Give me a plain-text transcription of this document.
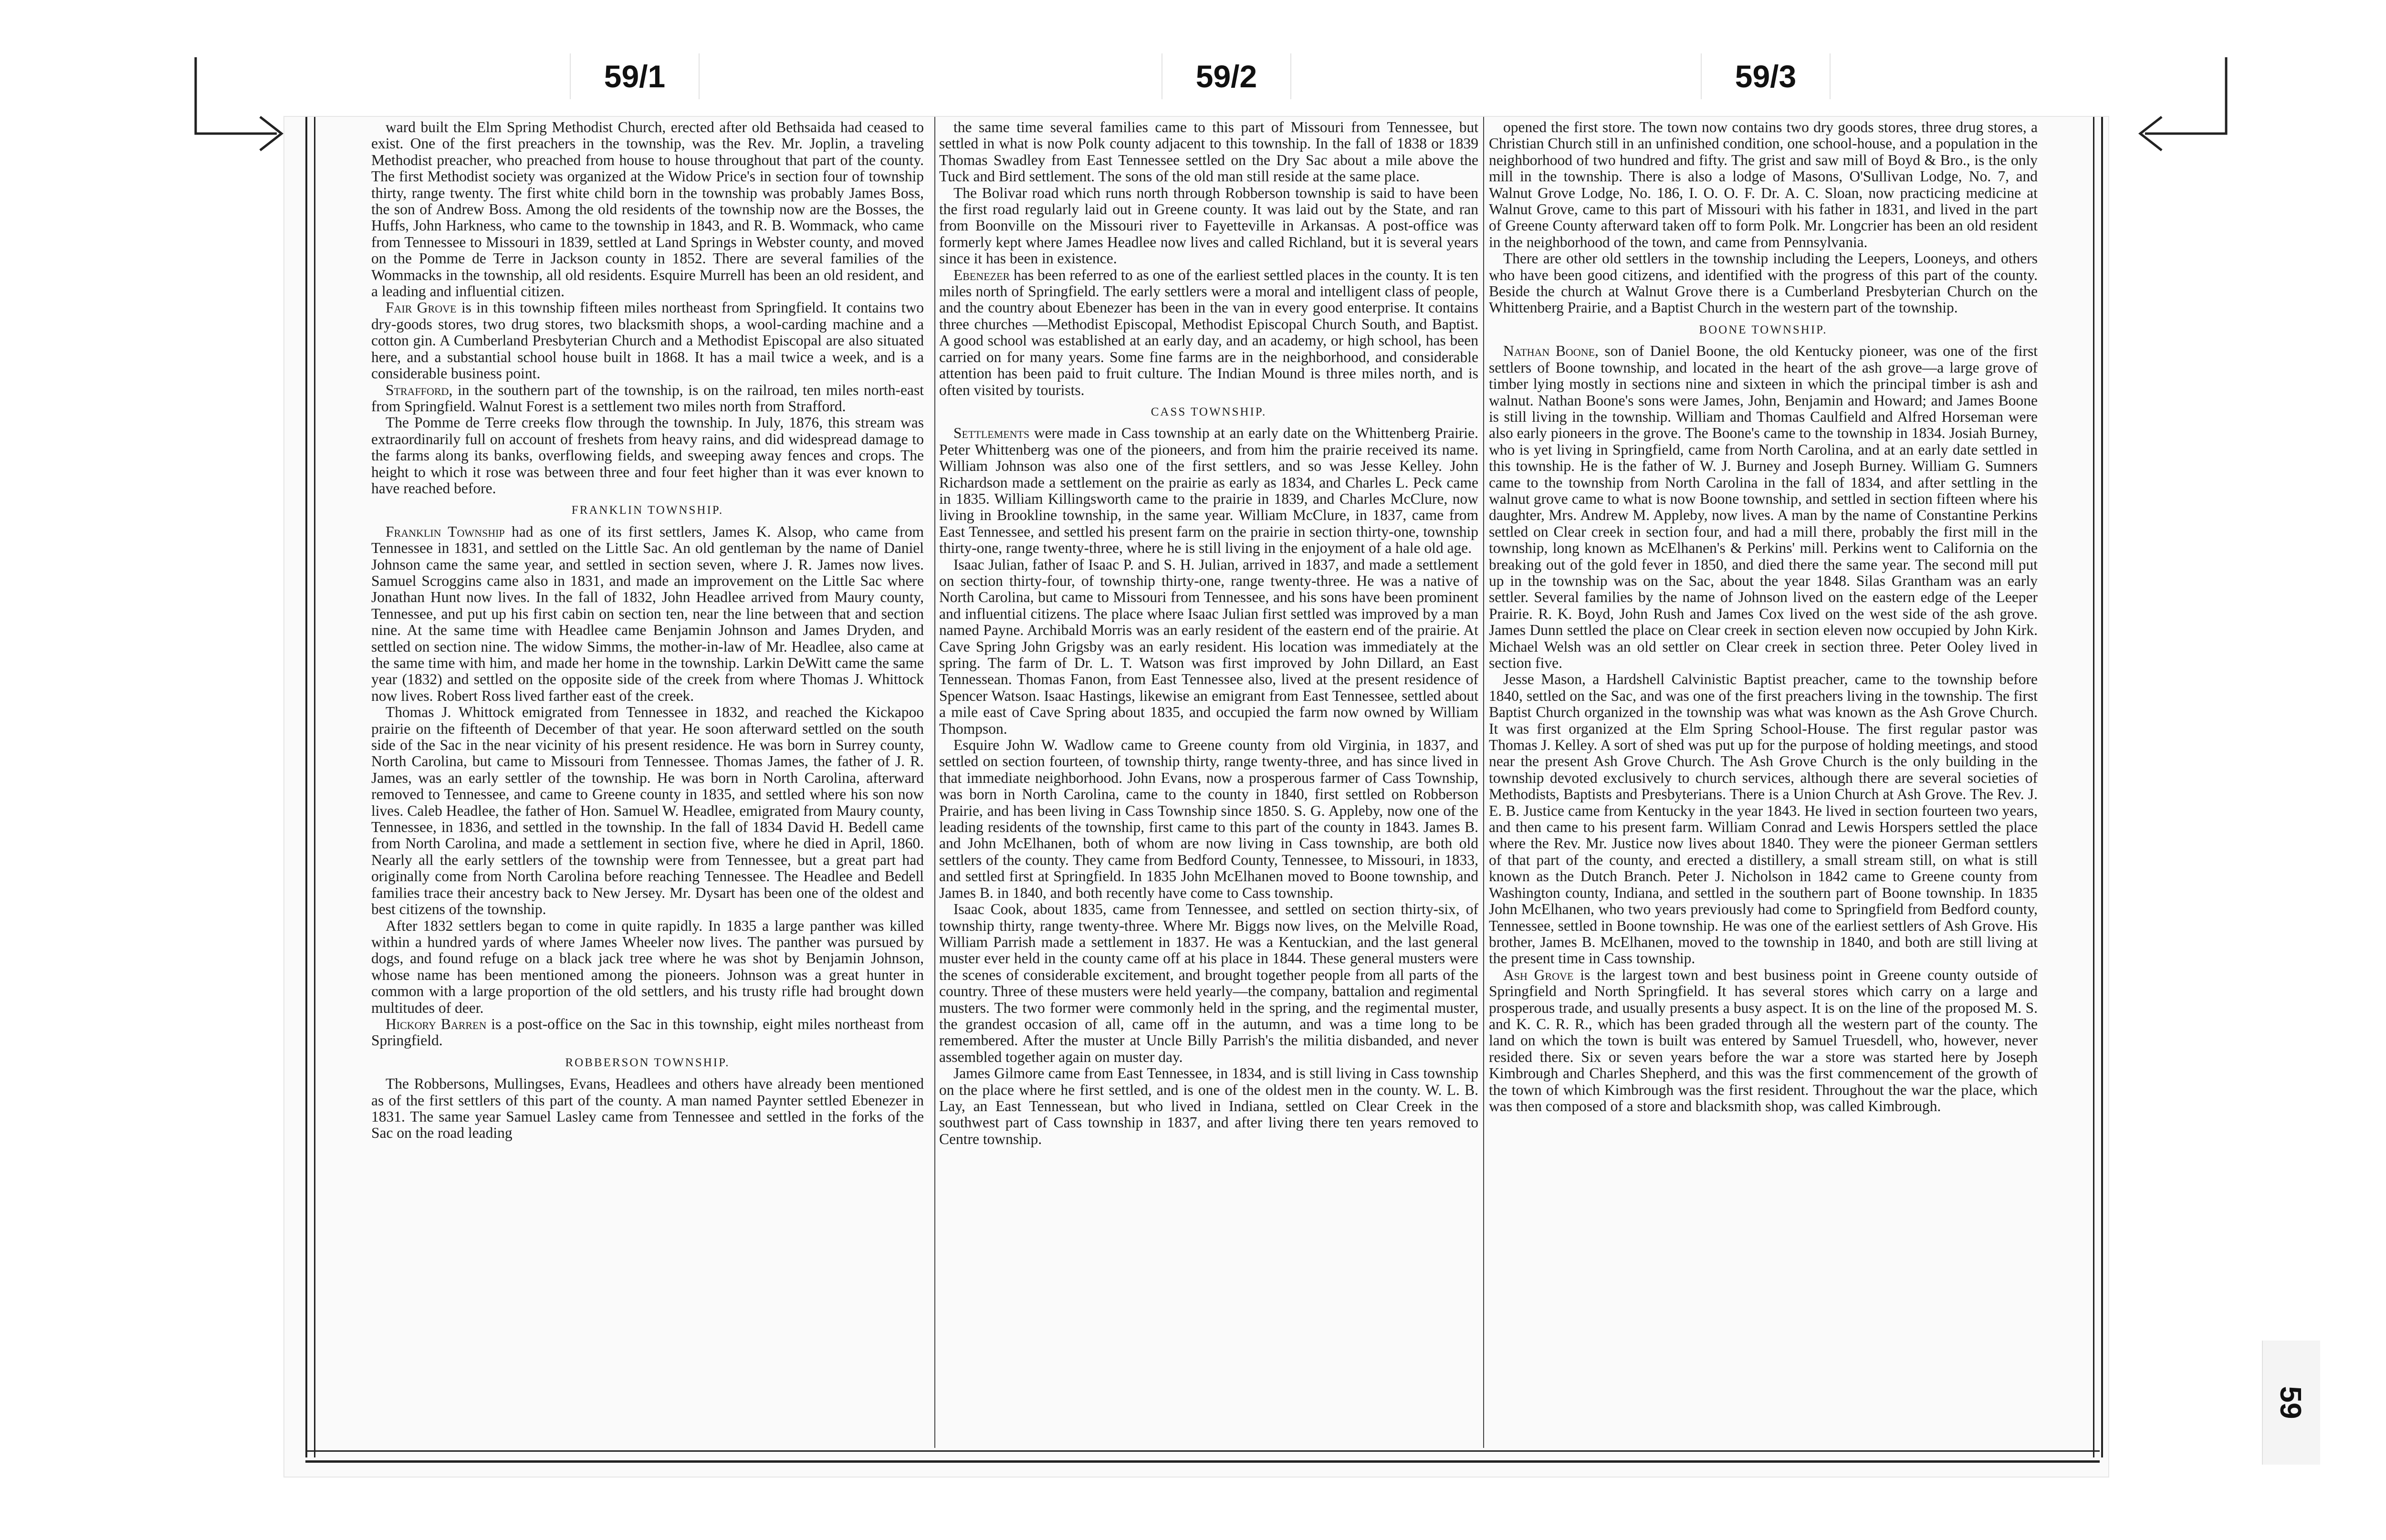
59/1	59/2	59/3

ward built the Elm Spring Methodist Church, erected after old Bethsaida had ceased to exist. One of the first preachers in the township, was the Rev. Mr. Joplin, a traveling Methodist preacher, who preached from house to house throughout that part of the county. The first Methodist society was organized at the Widow Price's in section four of township thirty, range twenty. The first white child born in the township was probably James Boss, the son of Andrew Boss. Among the old residents of the township now are the Bosses, the Huffs, John Harkness, who came to the township in 1843, and R. B. Wommack, who came from Tennessee to Missouri in 1839, settled at Land Springs in Webster county, and moved on the Pomme de Terre in Jackson county in 1852. There are several families of the Wommacks in the township, all old residents. Esquire Murrell has been an old resident, and a leading and influential citizen.

Fair Grove is in this township fifteen miles northeast from Springfield. It contains two dry-goods stores, two drug stores, two blacksmith shops, a wool-carding machine and a cotton gin. A Cumberland Presbyterian Church and a Methodist Episcopal are also situated here, and a substantial school house built in 1868. It has a mail twice a week, and is a considerable business point.

Strafford, in the southern part of the township, is on the railroad, ten miles north-east from Springfield. Walnut Forest is a settlement two miles north from Strafford.

The Pomme de Terre creeks flow through the township. In July, 1876, this stream was extraordinarily full on account of freshets from heavy rains, and did widespread damage to the farms along its banks, overflowing fields, and sweeping away fences and crops. The height to which it rose was between three and four feet higher than it was ever known to have reached before.

FRANKLIN TOWNSHIP.

Franklin Township had as one of its first settlers, James K. Alsop, who came from Tennessee in 1831, and settled on the Little Sac. An old gentleman by the name of Daniel Johnson came the same year, and settled in section seven, where J. R. James now lives. Samuel Scroggins came also in 1831, and made an improvement on the Little Sac where Jonathan Hunt now lives. In the fall of 1832, John Headlee arrived from Maury county, Tennessee, and put up his first cabin on section ten, near the line between that and section nine. At the same time with Headlee came Benjamin Johnson and James Dryden, and settled on section nine. The widow Simms, the mother-in-law of Mr. Headlee, also came at the same time with him, and made her home in the township. Larkin DeWitt came the same year (1832) and settled on the opposite side of the creek from where Thomas J. Whittock now lives. Robert Ross lived farther east of the creek.

Thomas J. Whittock emigrated from Tennessee in 1832, and reached the Kickapoo prairie on the fifteenth of December of that year. He soon afterward settled on the south side of the Sac in the near vicinity of his present residence. He was born in Surrey county, North Carolina, but came to Missouri from Tennessee. Thomas James, the father of J. R. James, was an early settler of the township. He was born in North Carolina, afterward removed to Tennessee, and came to Greene county in 1835, and settled where his son now lives. Caleb Headlee, the father of Hon. Samuel W. Headlee, emigrated from Maury county, Tennessee, in 1836, and settled in the township. In the fall of 1834 David H. Bedell came from North Carolina, and made a settlement in section five, where he died in April, 1860. Nearly all the early settlers of the township were from Tennessee, but a great part had originally come from North Carolina before reaching Tennessee. The Headlee and Bedell families trace their ancestry back to New Jersey. Mr. Dysart has been one of the oldest and best citizens of the township.

After 1832 settlers began to come in quite rapidly. In 1835 a large panther was killed within a hundred yards of where James Wheeler now lives. The panther was pursued by dogs, and found refuge on a black jack tree where he was shot by Benjamin Johnson, whose name has been mentioned among the pioneers. Johnson was a great hunter in common with a large proportion of the old settlers, and his trusty rifle had brought down multitudes of deer.

Hickory Barren is a post-office on the Sac in this township, eight miles northeast from Springfield.

ROBBERSON TOWNSHIP.

The Robbersons, Mullingses, Evans, Headlees and others have already been mentioned as of the first settlers of this part of the county. A man named Paynter settled Ebenezer in 1831. The same year Samuel Lasley came from Tennessee and settled in the forks of the Sac on the road leading

the same time several families came to this part of Missouri from Tennessee, but settled in what is now Polk county adjacent to this township. In the fall of 1838 or 1839 Thomas Swadley from East Tennessee settled on the Dry Sac about a mile above the Tuck and Bird settlement. The sons of the old man still reside at the same place.

The Bolivar road which runs north through Robberson township is said to have been the first road regularly laid out in Greene county. It was laid out by the State, and ran from Boonville on the Missouri river to Fayetteville in Arkansas. A post-office was formerly kept where James Headlee now lives and called Richland, but it is several years since it has been in existence.

Ebenezer has been referred to as one of the earliest settled places in the county. It is ten miles north of Springfield. The early settlers were a moral and intelligent class of people, and the country about Ebenezer has been in the van in every good enterprise. It contains three churches —Methodist Episcopal, Methodist Episcopal Church South, and Baptist. A good school was established at an early day, and an academy, or high school, has been carried on for many years. Some fine farms are in the neighborhood, and considerable attention has been paid to fruit culture. The Indian Mound is three miles north, and is often visited by tourists.

CASS TOWNSHIP.

Settlements were made in Cass township at an early date on the Whittenberg Prairie. Peter Whittenberg was one of the pioneers, and from him the prairie received its name. William Johnson was also one of the first settlers, and so was Jesse Kelley. John Richardson made a settlement on the prairie as early as 1834, and Charles L. Peck came in 1835. William Killingsworth came to the prairie in 1839, and Charles McClure, now living in Brookline township, in the same year. William McClure, in 1837, came from East Tennessee, and settled his present farm on the prairie in section thirty-one, township thirty-one, range twenty-three, where he is still living in the enjoyment of a hale old age.

Isaac Julian, father of Isaac P. and S. H. Julian, arrived in 1837, and made a settlement on section thirty-four, of township thirty-one, range twenty-three. He was a native of North Carolina, but came to Missouri from Tennessee, and his sons have been prominent and influential citizens. The place where Isaac Julian first settled was improved by a man named Payne. Archibald Morris was an early resident of the eastern end of the prairie. At Cave Spring John Grigsby was an early resident. His location was immediately at the spring. The farm of Dr. L. T. Watson was first improved by John Dillard, an East Tennessean. Thomas Fanon, from East Tennessee also, lived at the present residence of Spencer Watson. Isaac Hastings, likewise an emigrant from East Tennessee, settled about a mile east of Cave Spring about 1835, and occupied the farm now owned by William Thompson.

Esquire John W. Wadlow came to Greene county from old Virginia, in 1837, and settled on section fourteen, of township thirty, range twenty-three, and has since lived in that immediate neighborhood. John Evans, now a prosperous farmer of Cass Township, was born in North Carolina, came to the county in 1840, first settled on Robberson Prairie, and has been living in Cass Township since 1850. S. G. Appleby, now one of the leading residents of the township, first came to this part of the county in 1843. James B. and John McElhanen, both of whom are now living in Cass township, are both old settlers of the county. They came from Bedford County, Tennessee, to Missouri, in 1833, and settled first at Springfield. In 1835 John McElhanen moved to Boone township, and James B. in 1840, and both recently have come to Cass township.

Isaac Cook, about 1835, came from Tennessee, and settled on section thirty-six, of township thirty, range twenty-three. Where Mr. Biggs now lives, on the Melville Road, William Parrish made a settlement in 1837. He was a Kentuckian, and the last general muster ever held in the county came off at his place in 1844. These general musters were the scenes of considerable excitement, and brought together people from all parts of the country. Three of these musters were held yearly—the company, battalion and regimental musters. The two former were commonly held in the spring, and the regimental muster, the grandest occasion of all, came off in the autumn, and was a time long to be remembered. After the muster at Uncle Billy Parrish's the militia disbanded, and never assembled together again on muster day.

James Gilmore came from East Tennessee, in 1834, and is still living in Cass township on the place where he first settled, and is one of the oldest men in the county. W. L. B. Lay, an East Tennessean, but who lived in Indiana, settled on Clear Creek in the southwest part of Cass township in 1837, and after living there ten years removed to Centre township.

opened the first store. The town now contains two dry goods stores, three drug stores, a Christian Church still in an unfinished condition, one school-house, and a population in the neighborhood of two hundred and fifty. The grist and saw mill of Boyd & Bro., is the only mill in the township. There is also a lodge of Masons, O'Sullivan Lodge, No. 7, and Walnut Grove Lodge, No. 186, I. O. O. F. Dr. A. C. Sloan, now practicing medicine at Walnut Grove, came to this part of Missouri with his father in 1831, and lived in the part of Greene County afterward taken off to form Polk. Mr. Longcrier has been an old resident in the neighborhood of the town, and came from Pennsylvania.

There are other old settlers in the township including the Leepers, Looneys, and others who have been good citizens, and identified with the progress of this part of the county. Beside the church at Walnut Grove there is a Cumberland Presbyterian Church on the Whittenberg Prairie, and a Baptist Church in the western part of the township.

BOONE TOWNSHIP.

Nathan Boone, son of Daniel Boone, the old Kentucky pioneer, was one of the first settlers of Boone township, and located in the heart of the ash grove—a large grove of timber lying mostly in sections nine and sixteen in which the principal timber is ash and walnut. Nathan Boone's sons were James, John, Benjamin and Howard; and James Boone is still living in the township. William and Thomas Caulfield and Alfred Horseman were also early pioneers in the grove. The Boone's came to the township in 1834. Josiah Burney, who is yet living in Springfield, came from North Carolina, and at an early date settled in this township. He is the father of W. J. Burney and Joseph Burney. William G. Sumners came to the township from North Carolina in the fall of 1834, and after settling in the walnut grove came to what is now Boone township, and settled in section fifteen where his daughter, Mrs. Andrew M. Appleby, now lives. A man by the name of Constantine Perkins settled on Clear creek in section four, and had a mill there, probably the first mill in the township, long known as McElhanen's & Perkins' mill. Perkins went to California on the breaking out of the gold fever in 1850, and died there the same year. The second mill put up in the township was on the Sac, about the year 1848. Silas Grantham was an early settler. Several families by the name of Johnson lived on the eastern edge of the Leeper Prairie. R. K. Boyd, John Rush and James Cox lived on the west side of the ash grove. James Dunn settled the place on Clear creek in section eleven now occupied by John Kirk. Michael Welsh was an old settler on Clear creek in section three. Peter Ooley lived in section five.

Jesse Mason, a Hardshell Calvinistic Baptist preacher, came to the township before 1840, settled on the Sac, and was one of the first preachers living in the township. The first Baptist Church organized in the township was what was known as the Ash Grove Church. It was first organized at the Elm Spring School-House. The first regular pastor was Thomas J. Kelley. A sort of shed was put up for the purpose of holding meetings, and stood near the present Ash Grove Church. The Ash Grove Church is the only building in the township devoted exclusively to church services, although there are several societies of Methodists, Baptists and Presbyterians. There is a Union Church at Ash Grove. The Rev. J. E. B. Justice came from Kentucky in the year 1843. He lived in section fourteen two years, and then came to his present farm. William Conrad and Lewis Horspers settled the place where the Rev. Mr. Justice now lives about 1840. They were the pioneer German settlers of that part of the county, and erected a distillery, a small stream still, on what is still known as the Dutch Branch. Peter J. Nicholson in 1842 came to Greene county from Washington county, Indiana, and settled in the southern part of Boone township. In 1835 John McElhanen, who two years previously had come to Springfield from Bedford county, Tennessee, settled in Boone township. He was one of the earliest settlers of Ash Grove. His brother, James B. McElhanen, moved to the township in 1840, and both are still living at the present time in Cass township.

Ash Grove is the largest town and best business point in Greene county outside of Springfield and North Springfield. It has several stores which carry on a large and prosperous trade, and usually presents a busy aspect. It is on the line of the proposed M. S. and K. C. R. R., which has been graded through all the western part of the county. The land on which the town is built was entered by Samuel Truesdell, who, however, never resided there. Six or seven years before the war a store was started here by Joseph Kimbrough and Charles Shepherd, and this was the first commencement of the growth of the town of which Kimbrough was the first resident. Throughout the war the place, which was then composed of a store and blacksmith shop, was called Kimbrough.

59
